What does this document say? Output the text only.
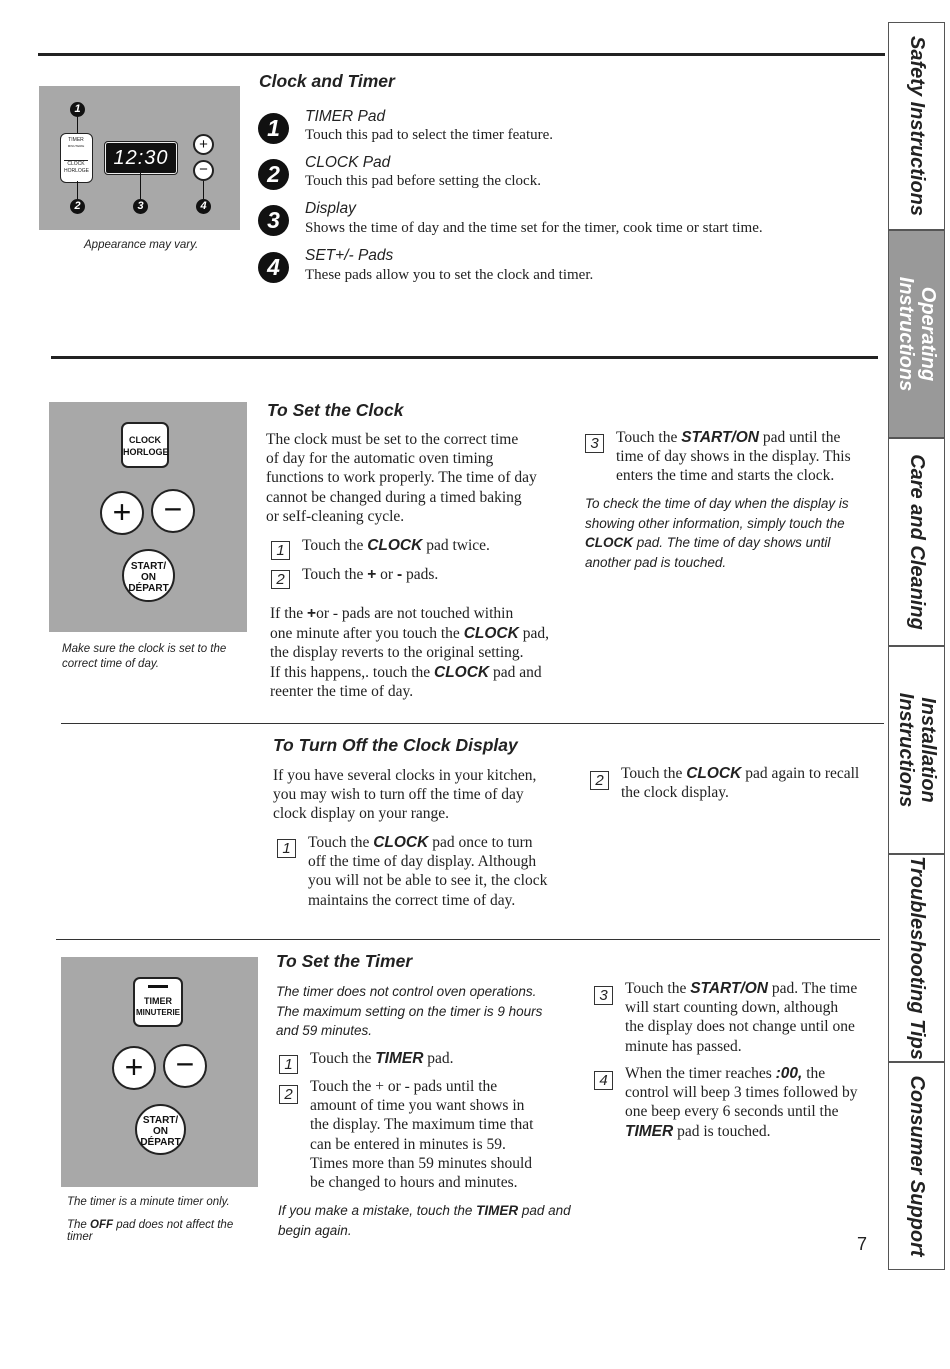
Safety Instructions
Operating
Instructions
Care and Cleaning
Installation
Instructions
Troubleshooting Tips
Consumer Support
1
TIMER
MINUTERIE
CLOCK
HORLOGE
12:30
+
−
2	3	4
Appearance may vary.
Clock and Timer
1	TIMER Pad
Touch this pad to select the timer feature.
2	CLOCK Pad
Touch this pad before setting the clock.
3	Display
Shows the time of day and the time set for the timer, cook time or start time.
4	SET+/- Pads
These pads allow you to set the clock and timer.
CLOCK
HORLOGE
+	−
START/
ON
DÉPART
Make sure the clock is set to the
correct time of day.
To Set the Clock
The clock must be set to the correct time
of day for the automatic oven timing
functions to work properly. The time of day
cannot be changed during a timed baking
or seIf-cleaning cycle.
1	Touch the CLOCK pad twice.
2	Touch the + or - pads.
If the +or - pads are not touched within
one minute after you touch the CLOCK pad,
the display reverts to the original setting.
If this happens,. touch the CLOCK pad and
reenter the time of day.
3	Touch the START/ON pad until the
time of day shows in the display. This
enters the time and starts the clock.
To check the time of day when the display is
showing other information, simply touch the
CLOCK pad. The time of day shows until
another pad is touched.
To Turn Off the Clock Display
If you have several clocks in your kitchen,
you may wish to turn off the time of day
clock display on your range.
1	Touch the CLOCK pad once to turn
off the time of day display. Although
you will not be able to see it, the clock
maintains the correct time of day.
2	Touch the CLOCK pad again to recall
the clock display.
TIMER
MINUTERIE
+	−
START/
ON
DÉPART
The timer is a minute timer only.
The OFF pad does not affect the
timer
To Set the Timer
The timer does not control oven operations.
The maximum setting on the timer is 9 hours
and 59 minutes.
1	Touch the TIMER pad.
2	Touch the + or - pads until the
amount of time you want shows in
the display. The maximum time that
can be entered in minutes is 59.
Times more than 59 minutes should
be changed to hours and minutes.
If you make a mistake, touch the TIMER pad and
begin again.
3	Touch the START/ON pad. The time
will start counting down, although
the display does not change until one
minute has passed.
4	When the timer reaches :00, the
control will beep 3 times followed by
one beep every 6 seconds until the
TIMER pad is touched.
7
